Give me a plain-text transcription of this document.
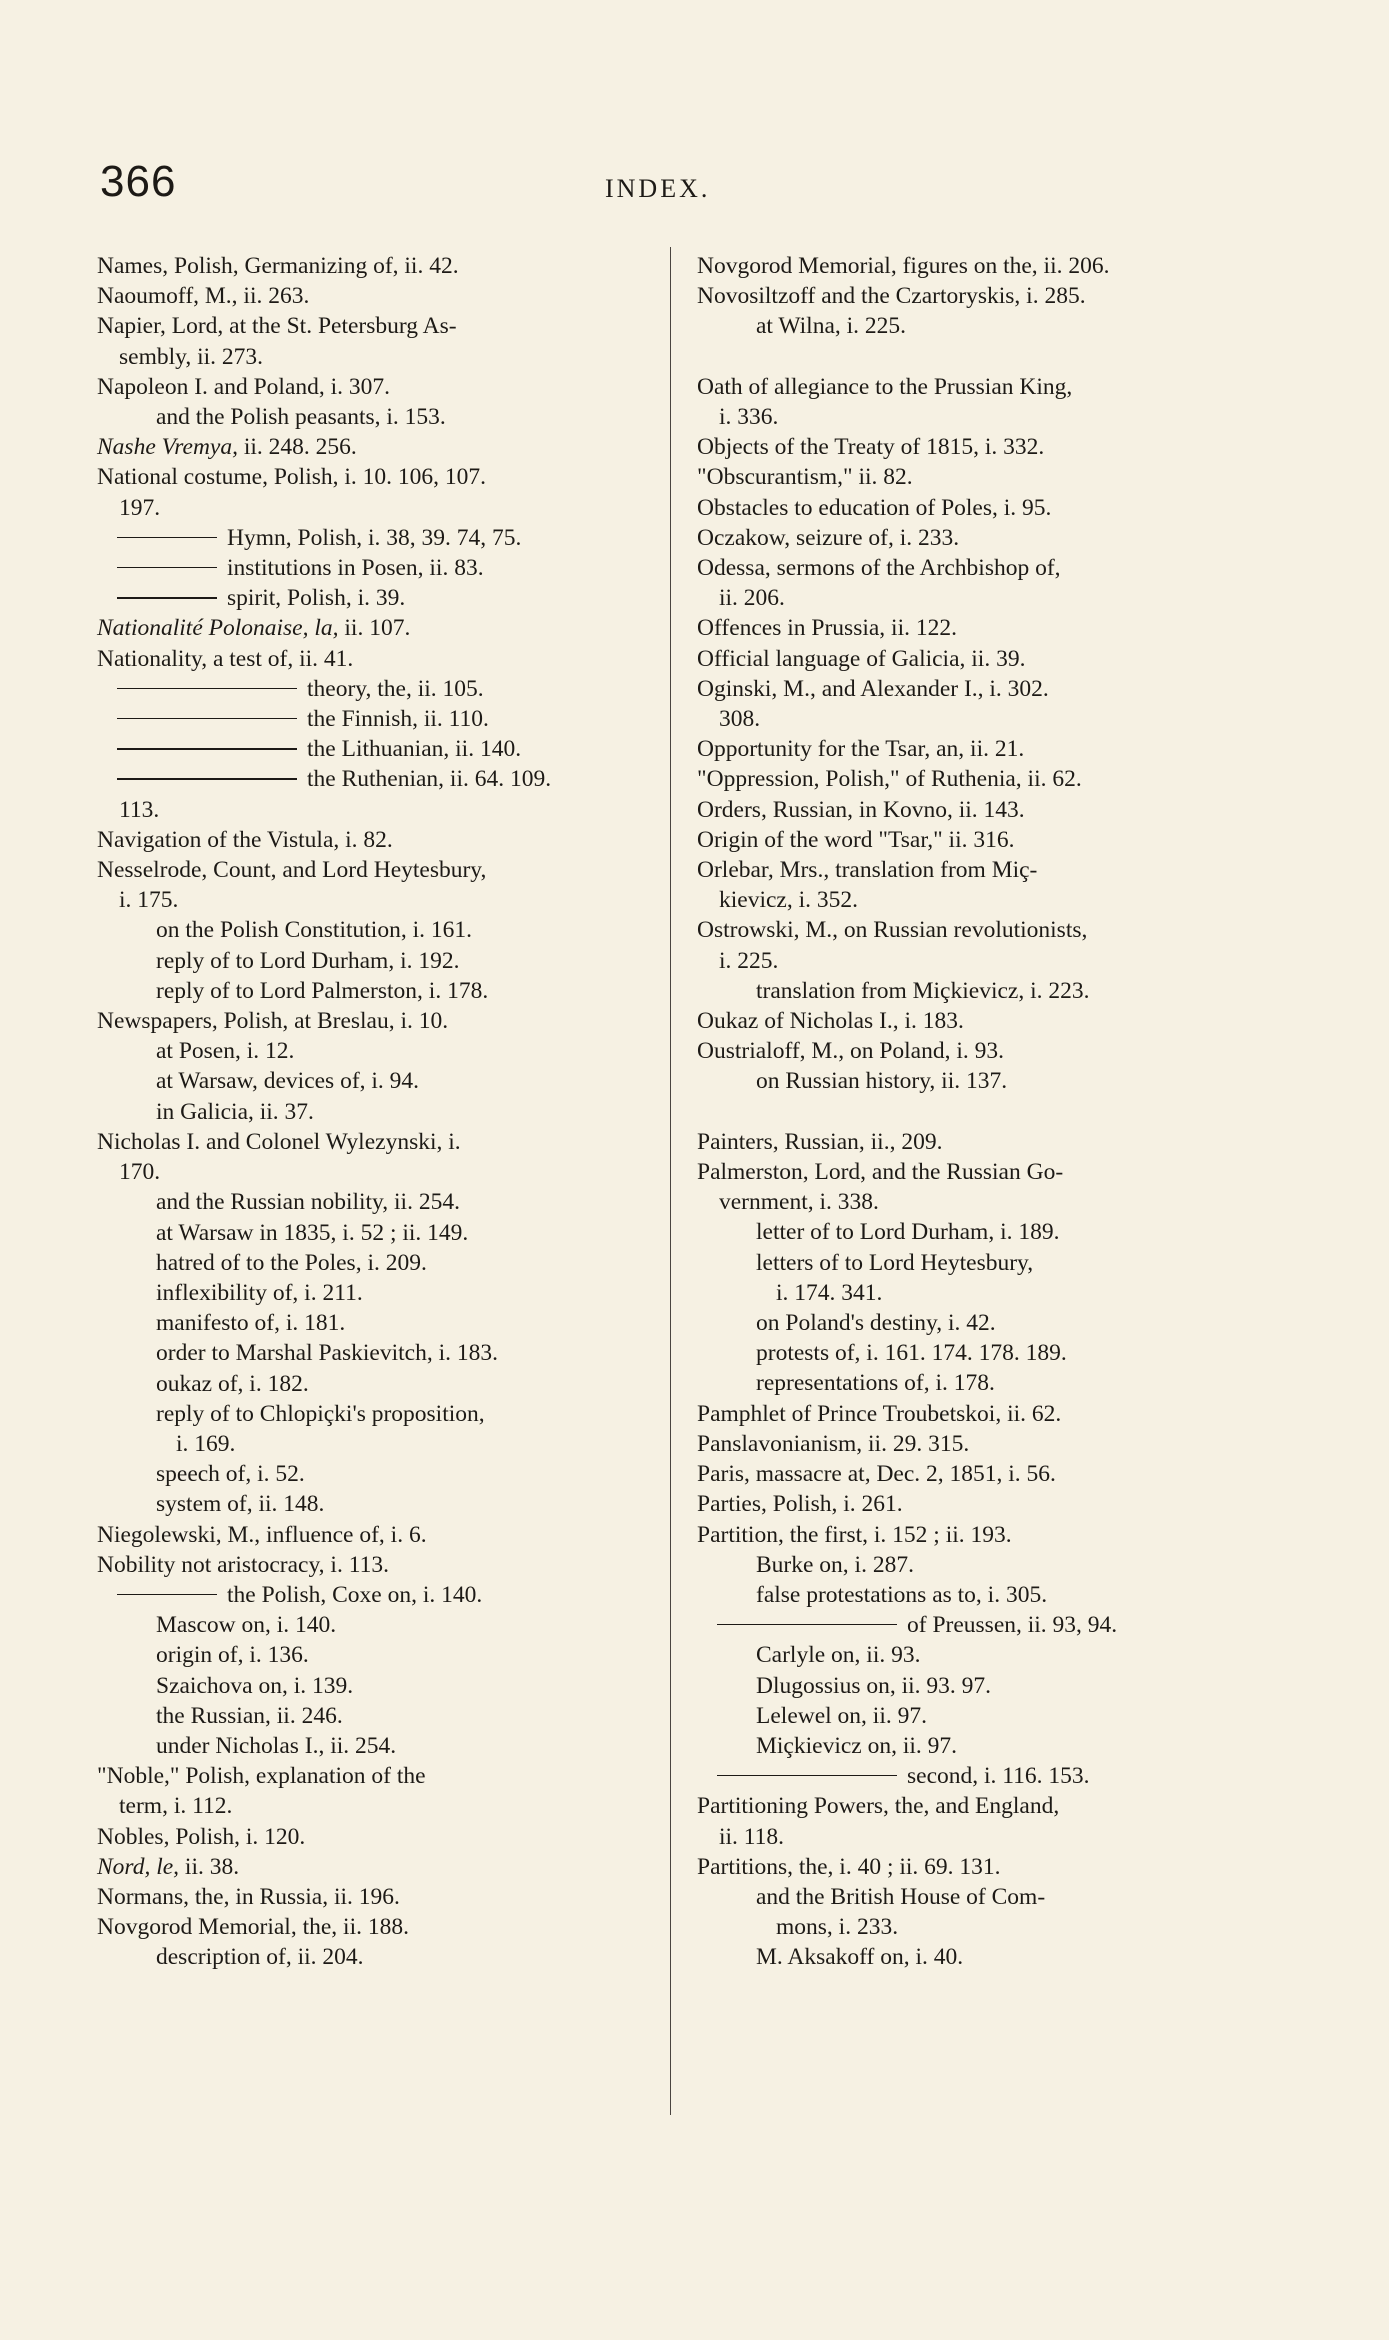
366	INDEX.
Names, Polish, Germanizing of, ii. 42.
Naoumoff, M., ii. 263.
Napier, Lord, at the St. Petersburg As-
sembly, ii. 273.
Napoleon I. and Poland, i. 307.
and the Polish peasants, i. 153.
Nashe Vremya, ii. 248. 256.
National costume, Polish, i. 10. 106, 107.
197.
Hymn, Polish, i. 38, 39. 74, 75.
institutions in Posen, ii. 83.
spirit, Polish, i. 39.
Nationalité Polonaise, la, ii. 107.
Nationality, a test of, ii. 41.
theory, the, ii. 105.
the Finnish, ii. 110.
the Lithuanian, ii. 140.
the Ruthenian, ii. 64. 109.
113.
Navigation of the Vistula, i. 82.
Nesselrode, Count, and Lord Heytesbury,
i. 175.
on the Polish Constitution, i. 161.
reply of to Lord Durham, i. 192.
reply of to Lord Palmerston, i. 178.
Newspapers, Polish, at Breslau, i. 10.
at Posen, i. 12.
at Warsaw, devices of, i. 94.
in Galicia, ii. 37.
Nicholas I. and Colonel Wylezynski, i.
170.
and the Russian nobility, ii. 254.
at Warsaw in 1835, i. 52 ; ii. 149.
hatred of to the Poles, i. 209.
inflexibility of, i. 211.
manifesto of, i. 181.
order to Marshal Paskievitch, i. 183.
oukaz of, i. 182.
reply of to Chlopiçki's proposition,
i. 169.
speech of, i. 52.
system of, ii. 148.
Niegolewski, M., influence of, i. 6.
Nobility not aristocracy, i. 113.
the Polish, Coxe on, i. 140.
Mascow on, i. 140.
origin of, i. 136.
Szaichova on, i. 139.
the Russian, ii. 246.
under Nicholas I., ii. 254.
"Noble," Polish, explanation of the
term, i. 112.
Nobles, Polish, i. 120.
Nord, le, ii. 38.
Normans, the, in Russia, ii. 196.
Novgorod Memorial, the, ii. 188.
description of, ii. 204.
Novgorod Memorial, figures on the, ii. 206.
Novosiltzoff and the Czartoryskis, i. 285.
at Wilna, i. 225.
Oath of allegiance to the Prussian King,
i. 336.
Objects of the Treaty of 1815, i. 332.
"Obscurantism," ii. 82.
Obstacles to education of Poles, i. 95.
Oczakow, seizure of, i. 233.
Odessa, sermons of the Archbishop of,
ii. 206.
Offences in Prussia, ii. 122.
Official language of Galicia, ii. 39.
Oginski, M., and Alexander I., i. 302.
308.
Opportunity for the Tsar, an, ii. 21.
"Oppression, Polish," of Ruthenia, ii. 62.
Orders, Russian, in Kovno, ii. 143.
Origin of the word "Tsar," ii. 316.
Orlebar, Mrs., translation from Miç-
kievicz, i. 352.
Ostrowski, M., on Russian revolutionists,
i. 225.
translation from Miçkievicz, i. 223.
Oukaz of Nicholas I., i. 183.
Oustrialoff, M., on Poland, i. 93.
on Russian history, ii. 137.
Painters, Russian, ii., 209.
Palmerston, Lord, and the Russian Go-
vernment, i. 338.
letter of to Lord Durham, i. 189.
letters of to Lord Heytesbury,
i. 174. 341.
on Poland's destiny, i. 42.
protests of, i. 161. 174. 178. 189.
representations of, i. 178.
Pamphlet of Prince Troubetskoi, ii. 62.
Panslavonianism, ii. 29. 315.
Paris, massacre at, Dec. 2, 1851, i. 56.
Parties, Polish, i. 261.
Partition, the first, i. 152 ; ii. 193.
Burke on, i. 287.
false protestations as to, i. 305.
of Preussen, ii. 93, 94.
Carlyle on, ii. 93.
Dlugossius on, ii. 93. 97.
Lelewel on, ii. 97.
Miçkievicz on, ii. 97.
second, i. 116. 153.
Partitioning Powers, the, and England,
ii. 118.
Partitions, the, i. 40 ; ii. 69. 131.
and the British House of Com-
mons, i. 233.
M. Aksakoff on, i. 40.
